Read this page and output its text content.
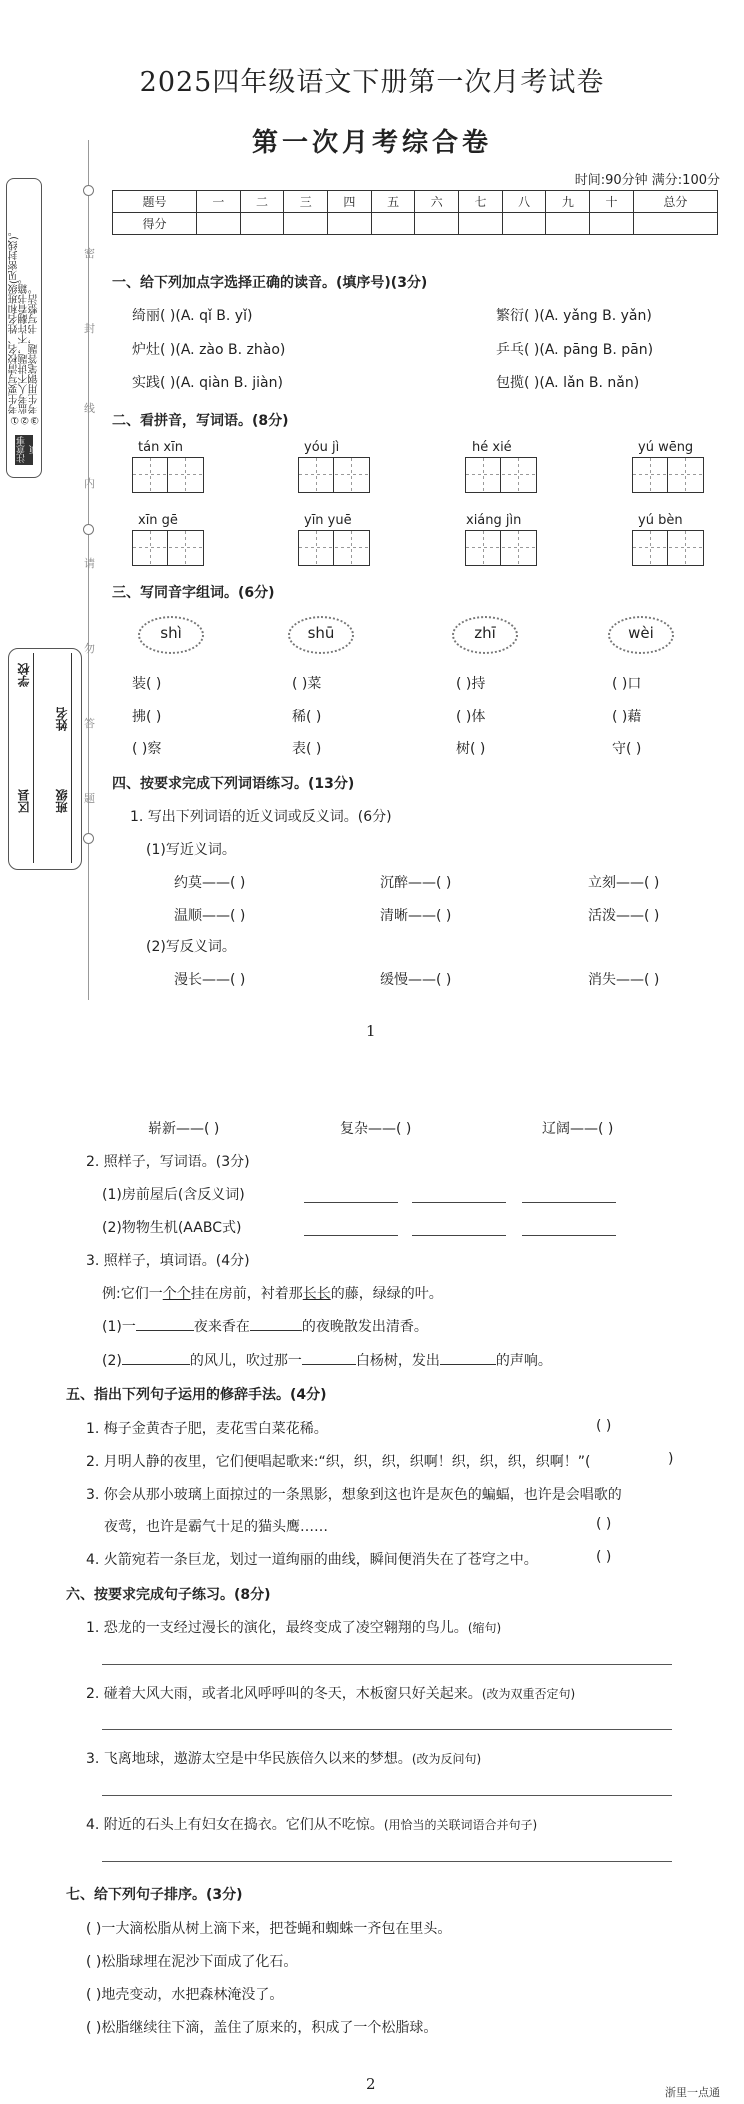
2025四年级语文下册第一次月考试卷
第一次月考综合卷
时间:90分钟 满分:100分
密
封
线
内
请
勿
答
题
①考生要写清校名、姓名和班级(见密封线)。 ②监考人不讲题，不许翻看书籍。 ③考生用钢笔答题，书写整洁。
注意事项
区县
学校
班级
姓名
题号	一	二	三	四	五	六	七	八	九	十	总分
得分											
一、给下列加点字选择正确的读音。(填序号)(3分)
绮丽( )(A. qǐ B. yǐ)	繁衍( )(A. yǎng B. yǎn)
炉灶( )(A. zào B. zhào)	乒乓( )(A. pāng B. pān)
实践( )(A. qiàn B. jiàn)	包揽( )(A. lǎn B. nǎn)
二、看拼音，写词语。(8分)
tán xīn	yóu jì	hé xié	yú wēng
xīn gē	yīn yuē	xiáng jìn	yú bèn
三、写同音字组词。(6分)
shì	shū	zhī	wèi
装( )	( )菜	( )持	( )口
拂( )	稀( )	( )体	( )藉
( )察	表( )	树( )	守( )
四、按要求完成下列词语练习。(13分)
1. 写出下列词语的近义词或反义词。(6分)
(1)写近义词。
约莫——( )	沉醉——( )	立刻——( )
温顺——( )	清晰——( )	活泼——( )
(2)写反义词。
漫长——( )	缓慢——( )	消失——( )
1
崭新——( )	复杂——( )	辽阔——( )
2. 照样子，写词语。(3分)
(1)房前屋后(含反义词)
(2)物物生机(AABC式)
3. 照样子，填词语。(4分)
例:它们一个个挂在房前，衬着那长长的藤，绿绿的叶。
(1)一	夜来香在	的夜晚散发出清香。
(2)	的风儿，吹过那一	白杨树，发出	的声响。
五、指出下列句子运用的修辞手法。(4分)
1. 梅子金黄杏子肥，麦花雪白菜花稀。	( )
2. 月明人静的夜里，它们便唱起歌来:“织，织，织，织啊！织，织，织，织啊！”(	)
3. 你会从那小玻璃上面掠过的一条黑影，想象到这也许是灰色的蝙蝠，也许是会唱歌的
夜莺，也许是霸气十足的猫头鹰……	( )
4. 火箭宛若一条巨龙，划过一道绚丽的曲线，瞬间便消失在了苍穹之中。	( )
六、按要求完成句子练习。(8分)
1. 恐龙的一支经过漫长的演化，最终变成了凌空翱翔的鸟儿。(缩句)
2. 碰着大风大雨，或者北风呼呼叫的冬天，木板窗只好关起来。(改为双重否定句)
3. 飞离地球，遨游太空是中华民族倍久以来的梦想。(改为反问句)
4. 附近的石头上有妇女在捣衣。它们从不吃惊。(用恰当的关联词语合并句子)
七、给下列句子排序。(3分)
( )一大滴松脂从树上滴下来，把苍蝇和蜘蛛一齐包在里头。
( )松脂球埋在泥沙下面成了化石。
( )地壳变动，水把森林淹没了。
( )松脂继续往下滴，盖住了原来的，积成了一个松脂球。
2	浙里一点通
